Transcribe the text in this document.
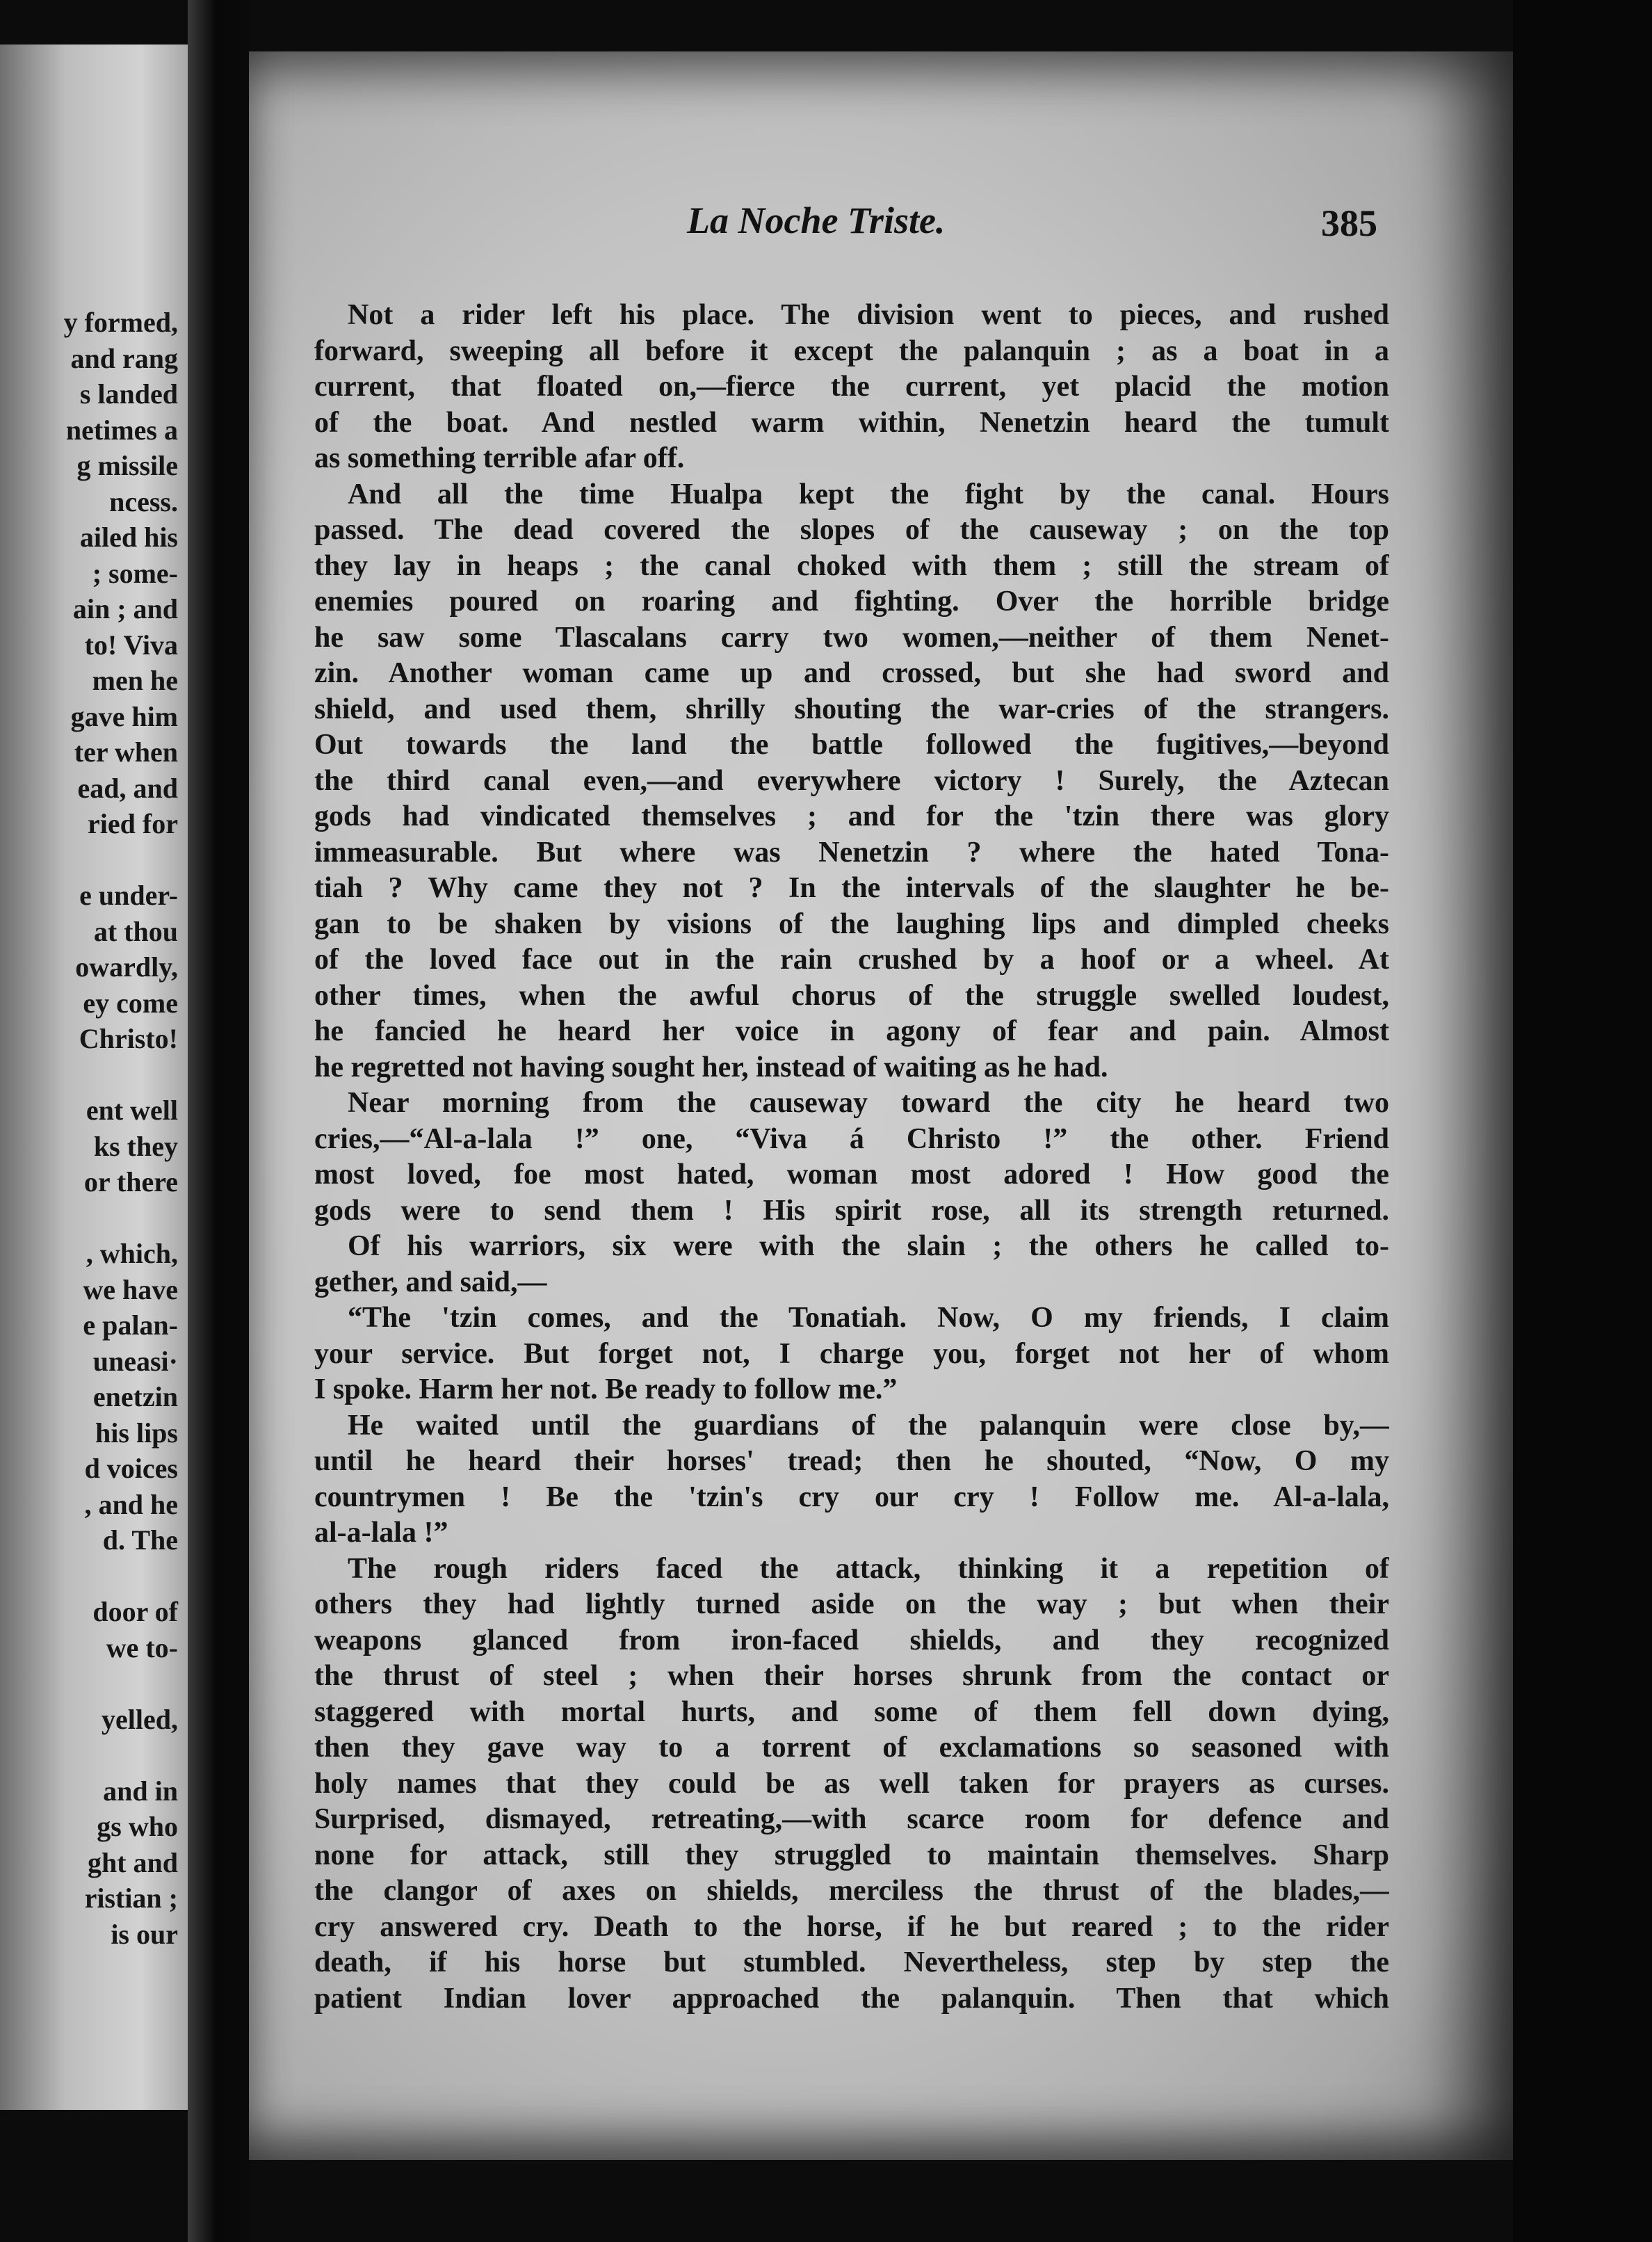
y formed,
and rang
s landed
netimes a
g missile
ncess.
ailed his
; some-
ain ; and
to! Viva
men he
gave him
ter when
ead, and
ried for
e under-
at thou
owardly,
ey come
Christo!
ent well
ks they
or there
, which,
we have
e palan-
uneasi·
enetzin
his lips
d voices
, and he
d. The
door of
we to-
yelled,
and in
gs who
ght and
ristian ;
is our
La Noche Triste.	385

Not a rider left his place. The division went to pieces, and rushed

forward, sweeping all before it except the palanquin ; as a boat in a

current, that floated on,—fierce the current, yet placid the motion

of the boat. And nestled warm within, Nenetzin heard the tumult

as something terrible afar off.

And all the time Hualpa kept the fight by the canal. Hours

passed. The dead covered the slopes of the causeway ; on the top

they lay in heaps ; the canal choked with them ; still the stream of

enemies poured on roaring and fighting. Over the horrible bridge

he saw some Tlascalans carry two women,—neither of them Nenet-

zin. Another woman came up and crossed, but she had sword and

shield, and used them, shrilly shouting the war-cries of the strangers.

Out towards the land the battle followed the fugitives,—beyond

the third canal even,—and everywhere victory ! Surely, the Aztecan

gods had vindicated themselves ; and for the 'tzin there was glory

immeasurable. But where was Nenetzin ? where the hated Tona-

tiah ? Why came they not ? In the intervals of the slaughter he be-

gan to be shaken by visions of the laughing lips and dimpled cheeks

of the loved face out in the rain crushed by a hoof or a wheel. At

other times, when the awful chorus of the struggle swelled loudest,

he fancied he heard her voice in agony of fear and pain. Almost

he regretted not having sought her, instead of waiting as he had.

Near morning from the causeway toward the city he heard two

cries,—“Al-a-lala !” one, “Viva á Christo !” the other. Friend

most loved, foe most hated, woman most adored ! How good the

gods were to send them ! His spirit rose, all its strength returned.

Of his warriors, six were with the slain ; the others he called to-

gether, and said,—

“The 'tzin comes, and the Tonatiah. Now, O my friends, I claim

your service. But forget not, I charge you, forget not her of whom

I spoke. Harm her not. Be ready to follow me.”

He waited until the guardians of the palanquin were close by,—

until he heard their horses' tread; then he shouted, “Now, O my

countrymen ! Be the 'tzin's cry our cry ! Follow me. Al-a-lala,

al-a-lala !”

The rough riders faced the attack, thinking it a repetition of

others they had lightly turned aside on the way ; but when their

weapons glanced from iron-faced shields, and they recognized

the thrust of steel ; when their horses shrunk from the contact or

staggered with mortal hurts, and some of them fell down dying,

then they gave way to a torrent of exclamations so seasoned with

holy names that they could be as well taken for prayers as curses.

Surprised, dismayed, retreating,—with scarce room for defence and

none for attack, still they struggled to maintain themselves. Sharp

the clangor of axes on shields, merciless the thrust of the blades,—

cry answered cry. Death to the horse, if he but reared ; to the rider

death, if his horse but stumbled. Nevertheless, step by step the

patient Indian lover approached the palanquin. Then that which
